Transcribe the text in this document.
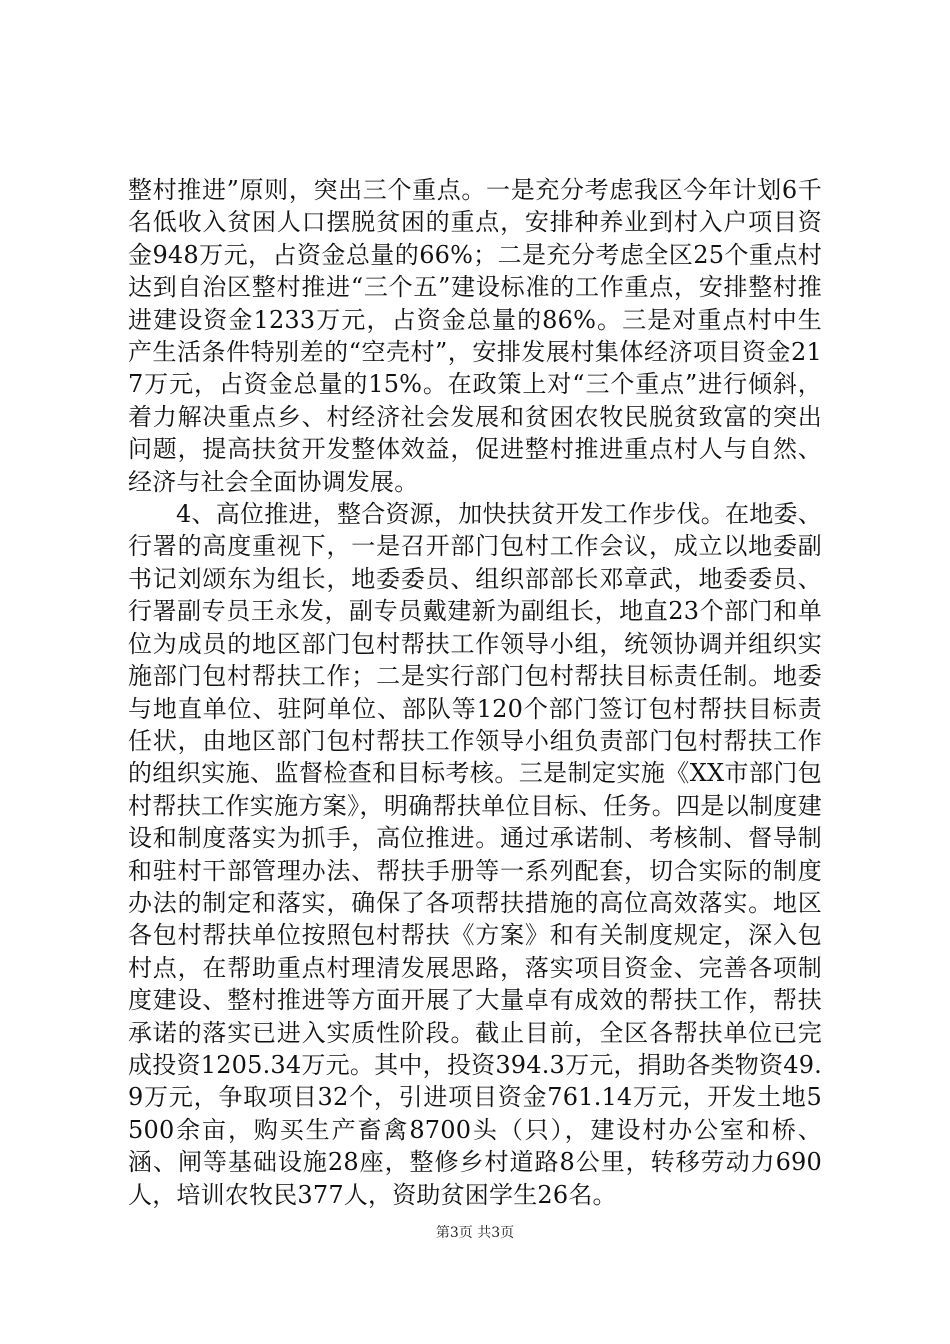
整村推进”原则，突出三个重点。一是充分考虑我区今年计划6千名低收入贫困人口摆脱贫困的重点，安排种养业到村入户项目资金948万元，占资金总量的66%；二是充分考虑全区25个重点村达到自治区整村推进“三个五”建设标准的工作重点，安排整村推进建设资金1233万元，占资金总量的86%。三是对重点村中生产生活条件特别差的“空壳村”，安排发展村集体经济项目资金217万元，占资金总量的15%。在政策上对“三个重点”进行倾斜，着力解决重点乡、村经济社会发展和贫困农牧民脱贫致富的突出问题，提高扶贫开发整体效益，促进整村推进重点村人与自然、经济与社会全面协调发展。

4、高位推进，整合资源，加快扶贫开发工作步伐。在地委、行署的高度重视下，一是召开部门包村工作会议，成立以地委副书记刘颂东为组长，地委委员、组织部部长邓章武，地委委员、行署副专员王永发，副专员戴建新为副组长，地直23个部门和单位为成员的地区部门包村帮扶工作领导小组，统领协调并组织实施部门包村帮扶工作；二是实行部门包村帮扶目标责任制。地委与地直单位、驻阿单位、部队等120个部门签订包村帮扶目标责任状，由地区部门包村帮扶工作领导小组负责部门包村帮扶工作的组织实施、监督检查和目标考核。三是制定实施《XX市部门包村帮扶工作实施方案》，明确帮扶单位目标、任务。四是以制度建设和制度落实为抓手，高位推进。通过承诺制、考核制、督导制和驻村干部管理办法、帮扶手册等一系列配套，切合实际的制度办法的制定和落实，确保了各项帮扶措施的高位高效落实。地区各包村帮扶单位按照包村帮扶《方案》和有关制度规定，深入包村点，在帮助重点村理清发展思路，落实项目资金、完善各项制度建设、整村推进等方面开展了大量卓有成效的帮扶工作，帮扶承诺的落实已进入实质性阶段。截止目前，全区各帮扶单位已完成投资1205.34万元。其中，投资394.3万元，捐助各类物资49.9万元，争取项目32个，引进项目资金761.14万元，开发土地5500余亩，购买生产畜禽8700头（只），建设村办公室和桥、涵、闸等基础设施28座，整修乡村道路8公里，转移劳动力690人，培训农牧民377人，资助贫困学生26名。

第3页 共3页
